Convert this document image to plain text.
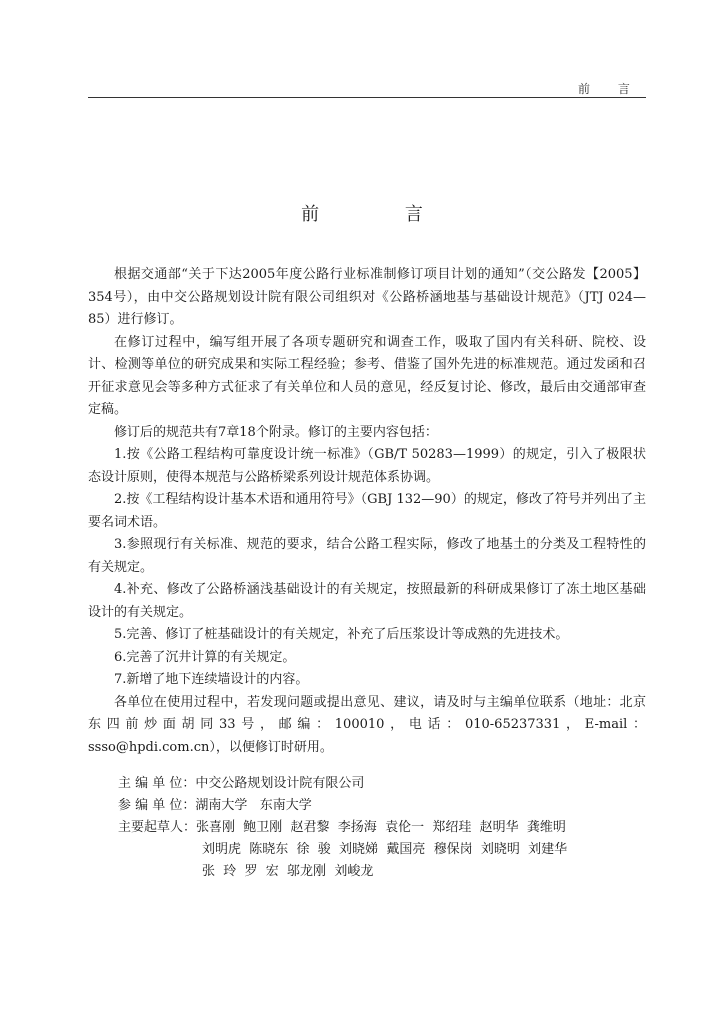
前 言
前 言

根据交通部“关于下达2005年度公路行业标准制修订项目计划的通知”（交公路发【2005】354号），由中交公路规划设计院有限公司组织对《公路桥涵地基与基础设计规范》（JTJ 024—85）进行修订。

在修订过程中，编写组开展了各项专题研究和调查工作，吸取了国内有关科研、院校、设计、检测等单位的研究成果和实际工程经验；参考、借鉴了国外先进的标准规范。通过发函和召开征求意见会等多种方式征求了有关单位和人员的意见，经反复讨论、修改，最后由交通部审查定稿。

修订后的规范共有7章18个附录。修订的主要内容包括：

1.按《公路工程结构可靠度设计统一标准》（GB/T 50283—1999）的规定，引入了极限状态设计原则，使得本规范与公路桥梁系列设计规范体系协调。

2.按《工程结构设计基本术语和通用符号》（GBJ 132—90）的规定，修改了符号并列出了主要名词术语。

3.参照现行有关标准、规范的要求，结合公路工程实际，修改了地基土的分类及工程特性的有关规定。

4.补充、修改了公路桥涵浅基础设计的有关规定，按照最新的科研成果修订了冻土地区基础设计的有关规定。

5.完善、修订了桩基础设计的有关规定，补充了后压浆设计等成熟的先进技术。

6.完善了沉井计算的有关规定。

7.新增了地下连续墙设计的内容。

各单位在使用过程中，若发现问题或提出意见、建议，请及时与主编单位联系（地址：北京东四前炒面胡同33号，邮编：100010，电话：010-65237331，E-mail：ssso@hpdi.com.cn），以便修订时研用。

主 编 单 位： 中交公路规划设计院有限公司
参 编 单 位： 湖南大学   东南大学
主要起草人： 张喜刚  鲍卫刚  赵君黎  李扬海  袁伦一  郑绍珪  赵明华  龚维明
刘明虎  陈晓东  徐  骏  刘晓娣  戴国亮  穆保岗  刘晓明  刘建华
张  玲  罗  宏  邬龙刚  刘峻龙
